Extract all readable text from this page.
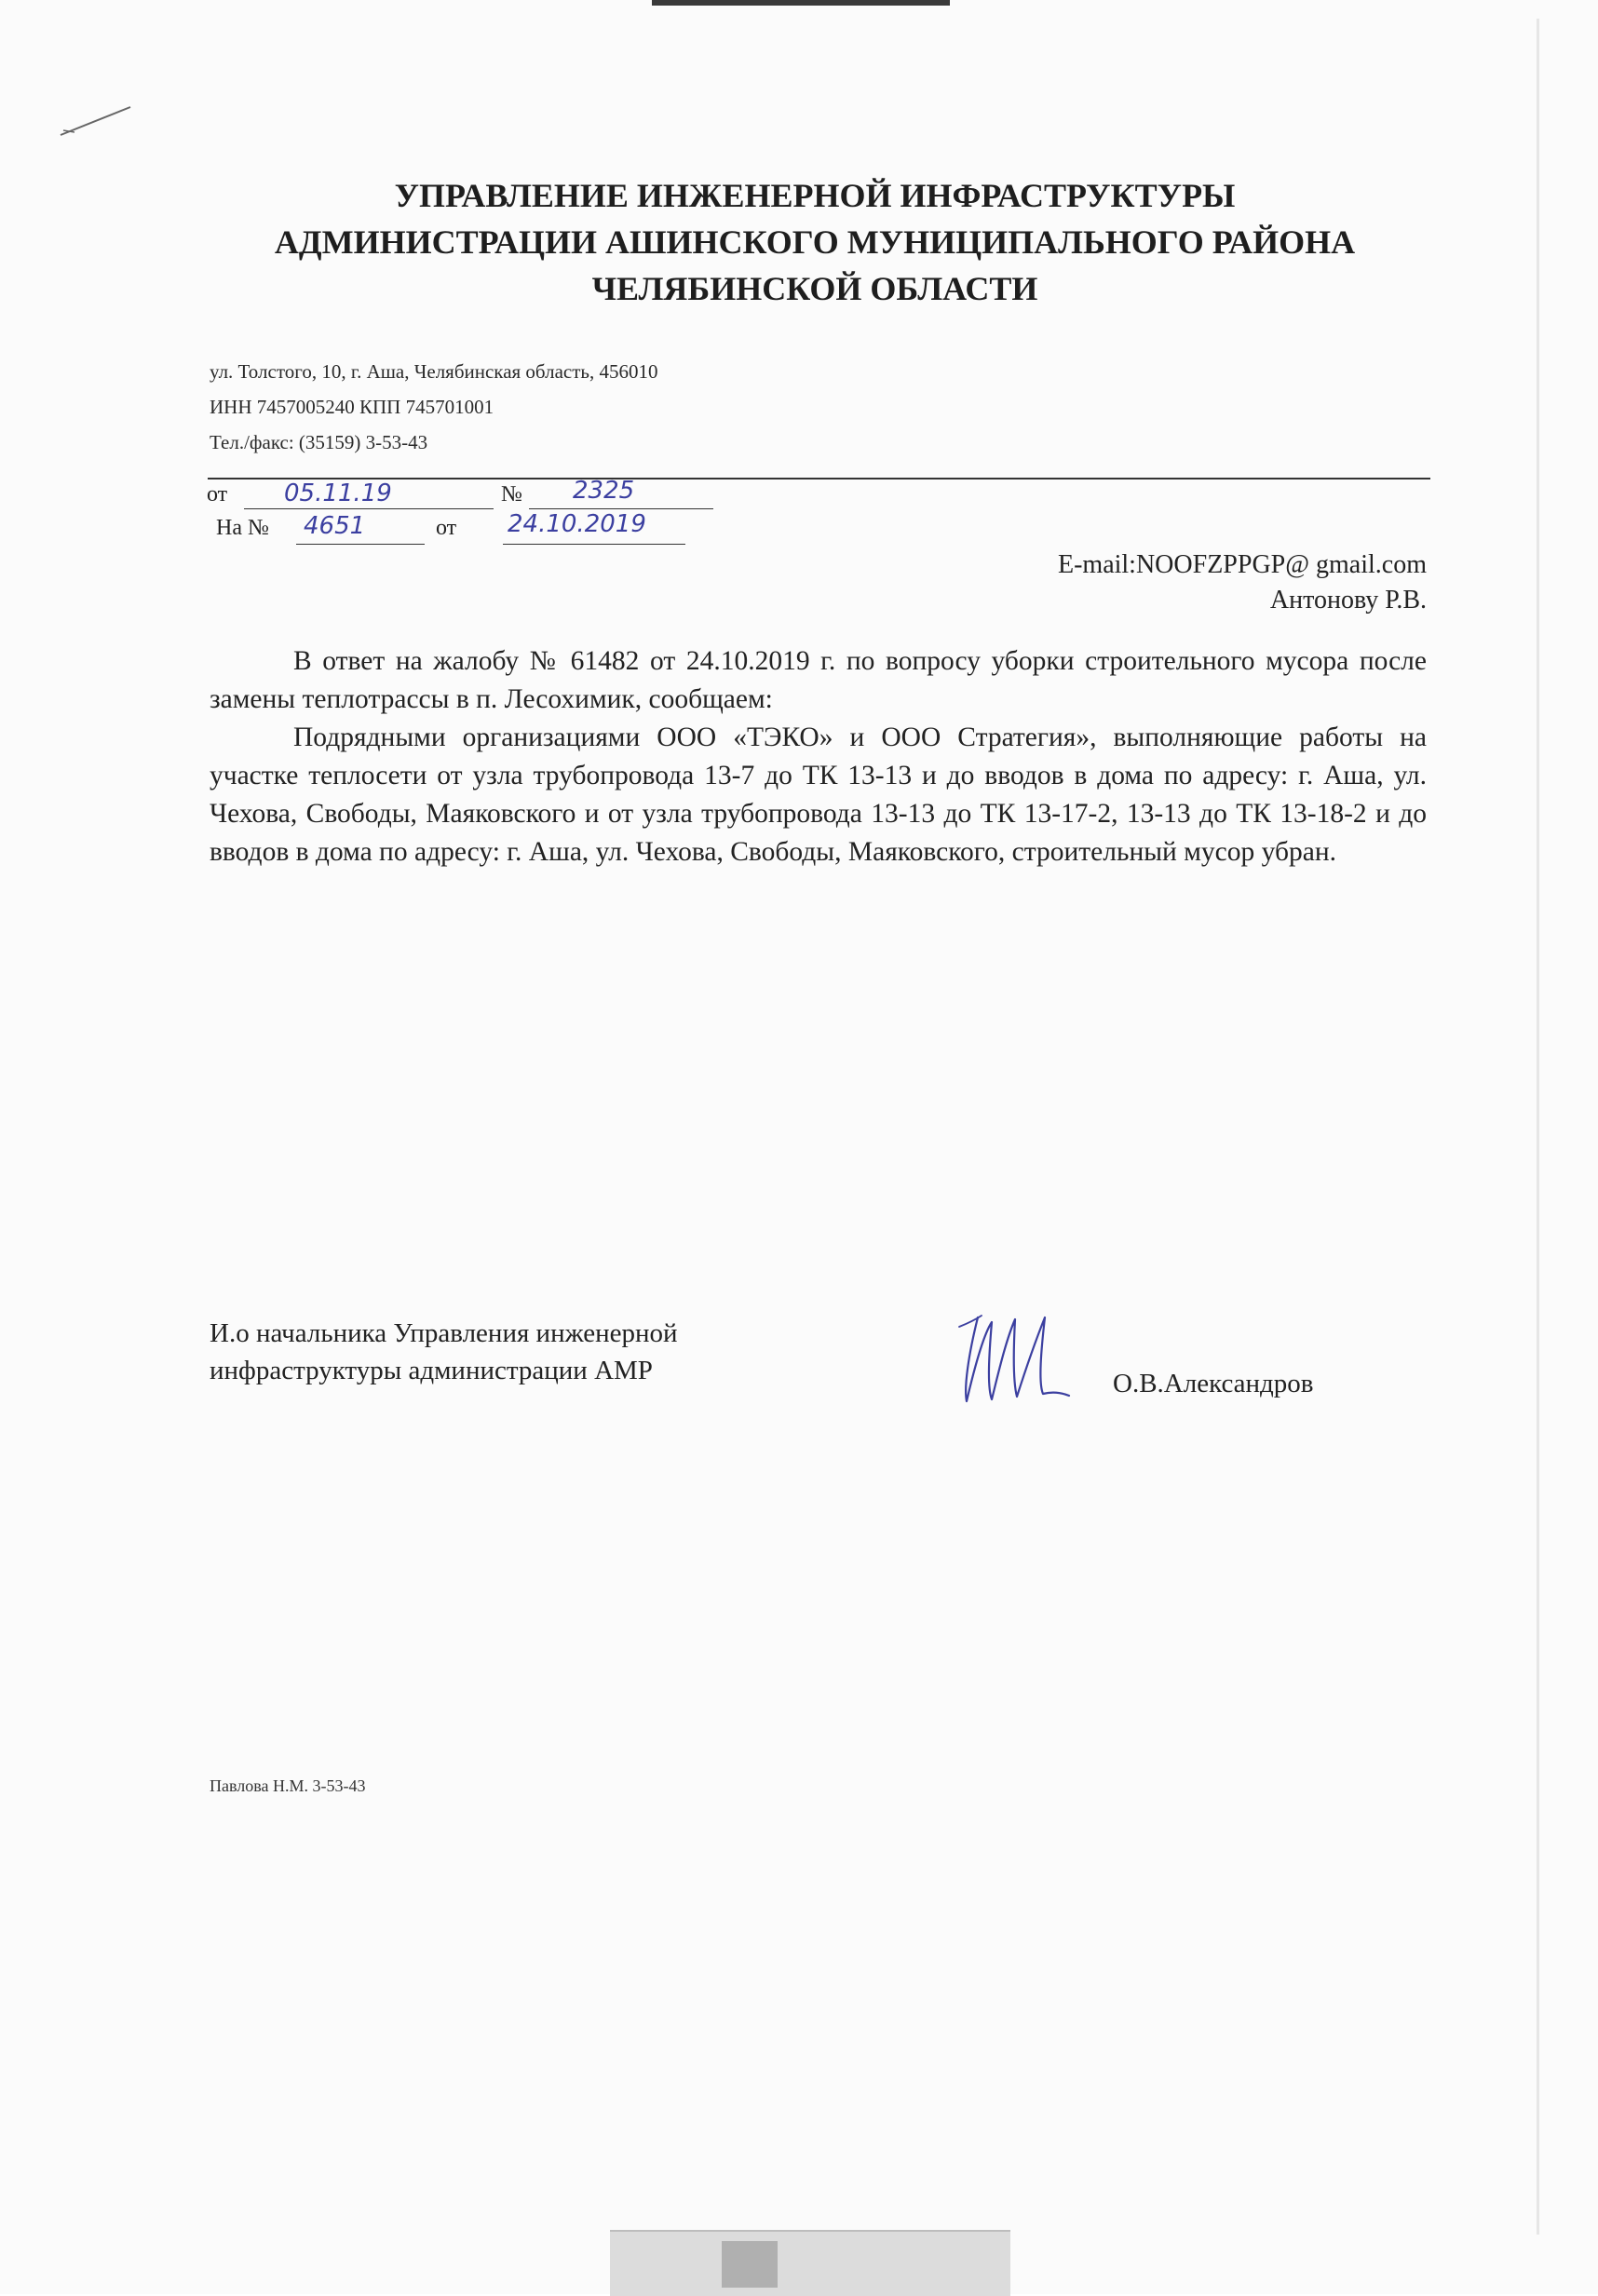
УПРАВЛЕНИЕ ИНЖЕНЕРНОЙ ИНФРАСТРУКТУРЫ
АДМИНИСТРАЦИИ АШИНСКОГО МУНИЦИПАЛЬНОГО РАЙОНА
ЧЕЛЯБИНСКОЙ ОБЛАСТИ
ул. Толстого, 10, г. Аша, Челябинская область, 456010
ИНН 7457005240 КПП 745701001
Тел./факс: (35159) 3-53-43
от 05.11.19	№ 2325
На № 4651	от 24.10.2019
E-mail:NOOFZPPGP@ gmail.com
Антонову Р.В.

В ответ на жалобу № 61482 от 24.10.2019 г. по вопросу уборки строительного мусора после замены теплотрассы в п. Лесохимик, сообщаем:

Подрядными организациями ООО «ТЭКО» и ООО Стратегия», выполняющие работы на участке теплосети от узла трубопровода 13-7 до ТК 13-13 и до вводов в дома по адресу: г. Аша, ул. Чехова, Свободы, Маяковского и от узла трубопровода 13-13 до ТК 13-17-2, 13-13 до ТК 13-18-2 и до вводов в дома по адресу: г. Аша, ул. Чехова, Свободы, Маяковского, строительный мусор убран.

И.о начальника Управления инженерной
инфраструктуры администрации АМР	О.В.Александров
Павлова Н.М. 3-53-43
